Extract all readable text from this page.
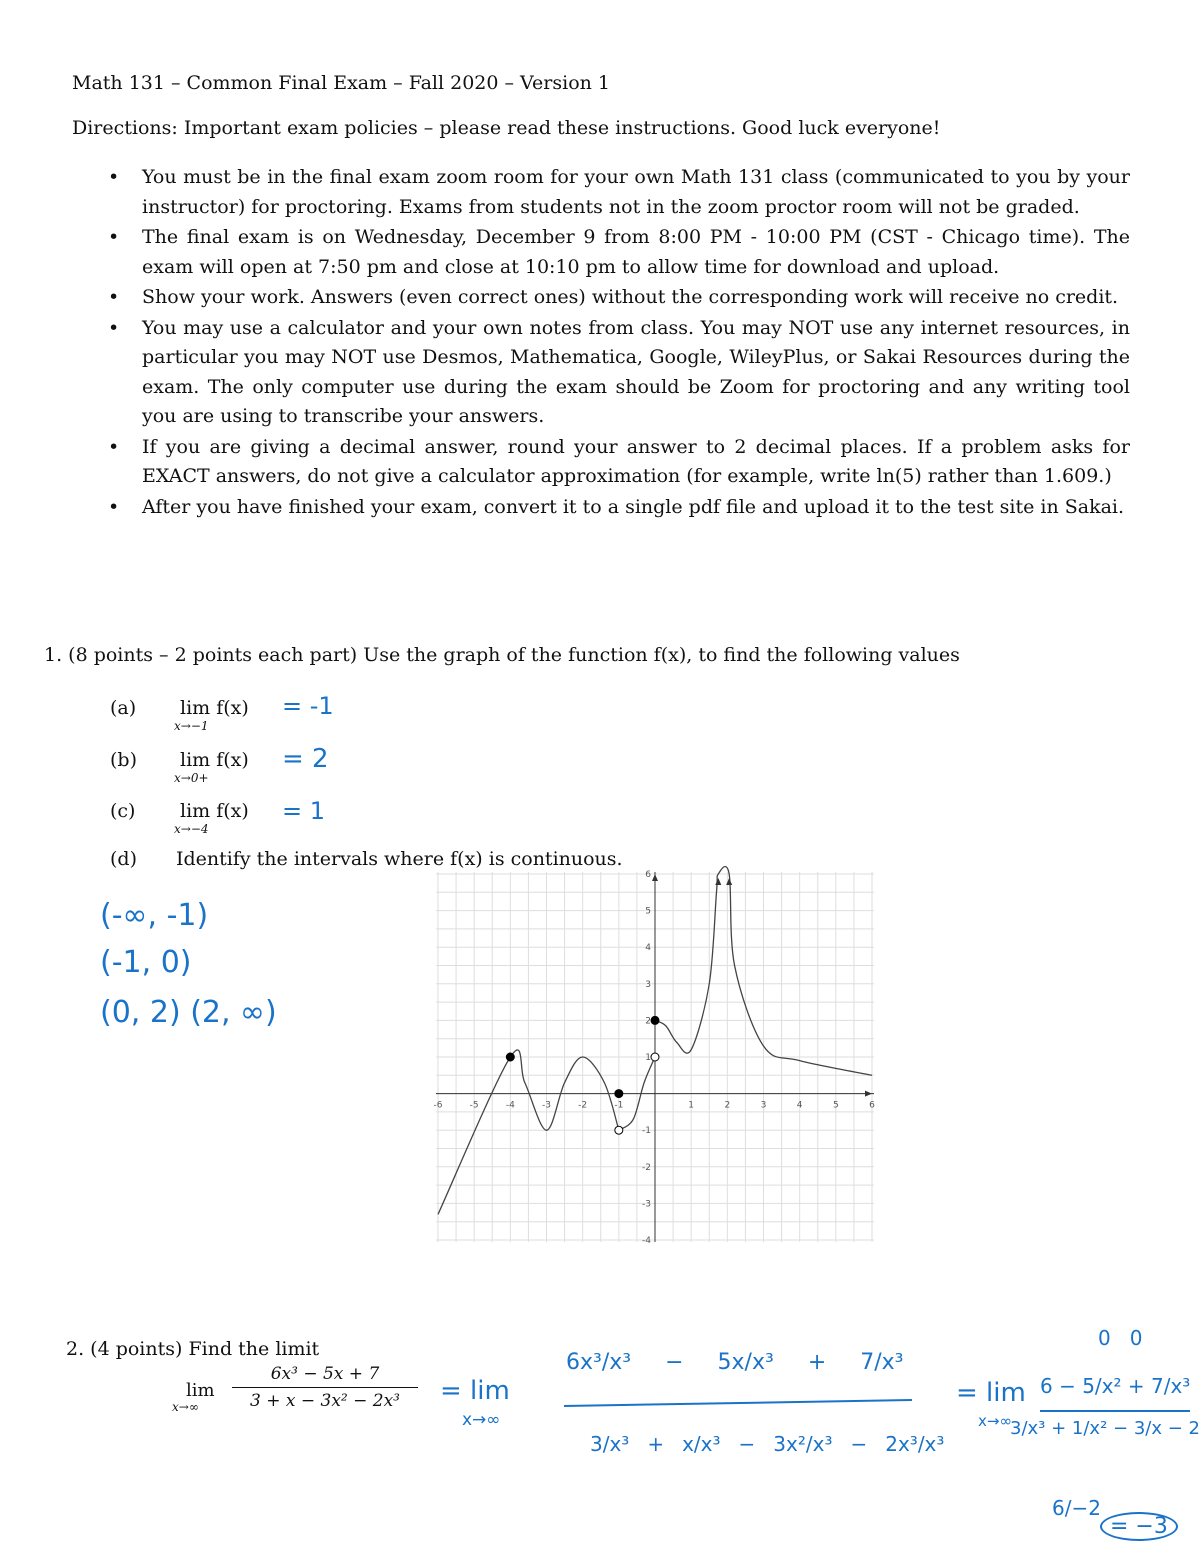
Math 131 – Common Final Exam – Fall 2020 – Version 1
Directions: Important exam policies – please read these instructions. Good luck everyone!
• You must be in the final exam zoom room for your own Math 131 class (communicated to you by your instructor) for proctoring. Exams from students not in the zoom proctor room will not be graded.
• The final exam is on Wednesday, December 9 from 8:00 PM - 10:00 PM (CST - Chicago time). The exam will open at 7:50 pm and close at 10:10 pm to allow time for download and upload.
• Show your work. Answers (even correct ones) without the corresponding work will receive no credit.
• You may use a calculator and your own notes from class. You may NOT use any internet resources, in particular you may NOT use Desmos, Mathematica, Google, WileyPlus, or Sakai Resources during the exam. The only computer use during the exam should be Zoom for proctoring and any writing tool you are using to transcribe your answers.
• If you are giving a decimal answer, round your answer to 2 decimal places. If a problem asks for EXACT answers, do not give a calculator approximation (for example, write ln(5) rather than 1.609.)
• After you have finished your exam, convert it to a single pdf file and upload it to the test site in Sakai.
1. (8 points – 2 points each part) Use the graph of the function f(x), to find the following values
(a) lim f(x)
x→−1
= -1
(b) lim f(x)
x→0+
= 2
(c) lim f(x)
x→−4
= 1
(d) Identify the intervals where f(x) is continuous.
(-∞, -1)
(-1, 0)
(0, 2) (2, ∞)
-6	-5	-4	-3	-2	-1	1	2	3	4	5	6
6
5
4
3
2
1
-1
-2
-3
-4
2. (4 points) Find the limit
lim
x→∞
6x³ − 5x + 7
3 + x − 3x² − 2x³	= lim
x→∞
6x³/x³ − 5x/x³ + 7/x³
3/x³ + x/x³ − 3x²/x³ − 2x³/x³
= lim
x→∞
0   0
6 − 5/x² + 7/x³
3/x³ + 1/x² − 3/x − 2
6/−2
= −3
